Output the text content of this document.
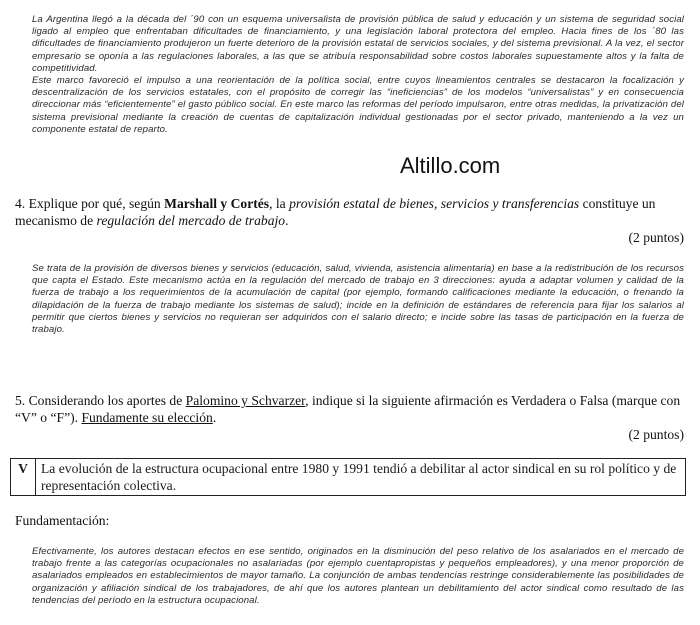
La Argentina llegó a la década del ´90 con un esquema universalista de provisión pública de salud y educación y un sistema de seguridad social ligado al empleo que enfrentaban dificultades de financiamiento, y una legislación laboral protectora del empleo. Hacia fines de los ´80 las dificultades de financiamiento produjeron un fuerte deterioro de la provisión estatal de servicios sociales, y del sistema previsional. A la vez, el sector empresario se oponía a las regulaciones laborales, a las que se atribuía responsabilidad sobre costos laborales supuestamente altos y la falta de competitividad.

Este marco favoreció el impulso a una reorientación de la política social, entre cuyos lineamientos centrales se destacaron la focalización y descentralización de los servicios estatales, con el propósito de corregir las “ineficiencias” de los modelos “universalistas” y en consecuencia direccionar más “eficientemente” el gasto público social. En este marco las reformas del período impulsaron, entre otras medidas, la privatización del sistema previsional mediante la creación de cuentas de capitalización individual gestionadas por el sector privado, manteniendo a la vez un componente estatal de reparto.

Altillo.com
4. Explique por qué, según Marshall y Cortés, la provisión estatal de bienes, servicios y transferencias constituye un mecanismo de regulación del mercado de trabajo.
(2 puntos)

Se trata de la provisión de diversos bienes y servicios (educación, salud, vivienda, asistencia alimentaria) en base a la redistribución de los recursos que capta el Estado. Este mecanismo actúa en la regulación del mercado de trabajo en 3 direcciones: ayuda a adaptar volumen y calidad de la fuerza de trabajo a los requerimientos de la acumulación de capital (por ejemplo, formando calificaciones mediante la educación, o frenando la dilapidación de la fuerza de trabajo mediante los sistemas de salud); incide en la definición de estándares de referencia para fijar los salarios al permitir que ciertos bienes y servicios no requieran ser adquiridos con el salario directo; e incide sobre las tasas de participación en la fuerza de trabajo.

5. Considerando los aportes de Palomino y Schvarzer, indique si la siguiente afirmación es Verdadera o Falsa (marque con “V” o “F”). Fundamente su elección.
(2 puntos)
V La evolución de la estructura ocupacional entre 1980 y 1991 tendió a debilitar al actor sindical en su rol político y de representación colectiva.
Fundamentación:

Efectivamente, los autores destacan efectos en ese sentido, originados en la disminución del peso relativo de los asalariados en el mercado de trabajo frente a las categorías ocupacionales no asalariadas (por ejemplo cuentapropistas y pequeños empleadores), y una menor proporción de asalariados empleados en establecimientos de mayor tamaño. La conjunción de ambas tendencias restringe considerablemente las posibilidades de organización y afiliación sindical de los trabajadores, de ahí que los autores plantean un debilitamiento del actor sindical como resultado de las tendencias del período en la estructura ocupacional.
